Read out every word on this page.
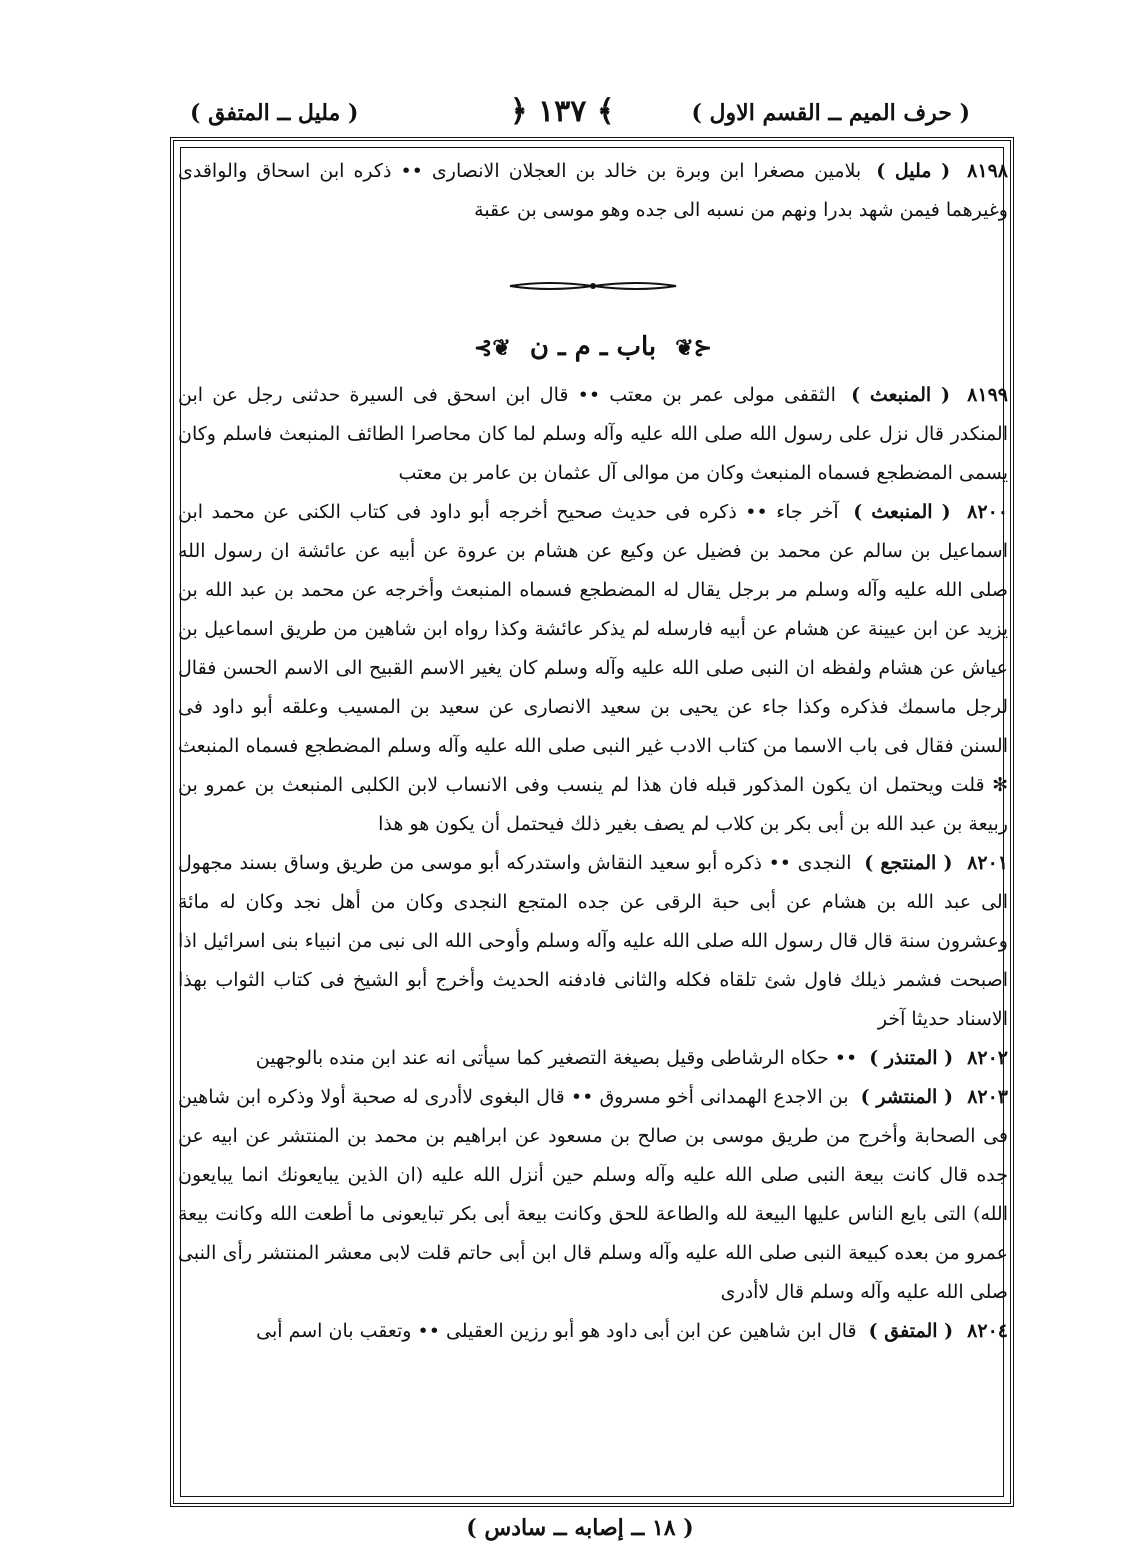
( حرف الميم ــ القسم الاول )
﴾ ١٣٧ ﴿
( مليل ــ المتفق )

٨١٩٨ ( مليل ) بلامين مصغرا ابن وبرة بن خالد بن العجلان الانصارى •• ذكره ابن اسحاق والواقدى وغيرهما فيمن شهد بدرا ونهم من نسبه الى جده وهو موسى بن عقبة

⊰❦ باب ـ م ـ ن ❦⊱

٨١٩٩ ( المنبعث ) الثقفى مولى عمر بن معتب •• قال ابن اسحق فى السيرة حدثنى رجل عن ابن المنكدر قال نزل على رسول الله صلى الله عليه وآله وسلم لما كان محاصرا الطائف المنبعث فاسلم وكان يسمى المضطجع فسماه المنبعث وكان من موالى آل عثمان بن عامر بن معتب

٨٢٠٠ ( المنبعث ) آخر جاء •• ذكره فى حديث صحيح أخرجه أبو داود فى كتاب الكنى عن محمد ابن اسماعيل بن سالم عن محمد بن فضيل عن وكيع عن هشام بن عروة عن أبيه عن عائشة ان رسول الله صلى الله عليه وآله وسلم مر برجل يقال له المضطجع فسماه المنبعث وأخرجه عن محمد بن عبد الله بن يزيد عن ابن عيينة عن هشام عن أبيه فارسله لم يذكر عائشة وكذا رواه ابن شاهين من طريق اسماعيل بن عياش عن هشام ولفظه ان النبى صلى الله عليه وآله وسلم كان يغير الاسم القبيح الى الاسم الحسن فقال لرجل ماسمك فذكره وكذا جاء عن يحيى بن سعيد الانصارى عن سعيد بن المسيب وعلقه أبو داود فى السنن فقال فى باب الاسما من كتاب الادب غير النبى صلى الله عليه وآله وسلم المضطجع فسماه المنبعث ✻ قلت ويحتمل ان يكون المذكور قبله فان هذا لم ينسب وفى الانساب لابن الكلبى المنبعث بن عمرو بن ربيعة بن عبد الله بن أبى بكر بن كلاب لم يصف بغير ذلك فيحتمل أن يكون هو هذا

٨٢٠١ ( المنتجع ) النجدى •• ذكره أبو سعيد النقاش واستدركه أبو موسى من طريق وساق بسند مجهول الى عبد الله بن هشام عن أبى حبة الرقى عن جده المتجع النجدى وكان من أهل نجد وكان له مائة وعشرون سنة قال قال رسول الله صلى الله عليه وآله وسلم وأوحى الله الى نبى من انبياء بنى اسرائيل اذا اصبحت فشمر ذيلك فاول شئ تلقاه فكله والثانى فادفنه الحديث وأخرج أبو الشيخ فى كتاب الثواب بهذا الاسناد حديثا آخر

٨٢٠٢ ( المتنذر ) •• حكاه الرشاطى وقيل بصيغة التصغير كما سيأتى انه عند ابن منده بالوجهين

٨٢٠٣ ( المنتشر ) بن الاجدع الهمدانى أخو مسروق •• قال البغوى لاأدرى له صحبة أولا وذكره ابن شاهين فى الصحابة وأخرج من طريق موسى بن صالح بن مسعود عن ابراهيم بن محمد بن المنتشر عن ابيه عن جده قال كانت بيعة النبى صلى الله عليه وآله وسلم حين أنزل الله عليه (ان الذين يبايعونك انما يبايعون الله) التى بايع الناس عليها البيعة لله والطاعة للحق وكانت بيعة أبى بكر تبايعونى ما أطعت الله وكانت بيعة عمرو من بعده كبيعة النبى صلى الله عليه وآله وسلم قال ابن أبى حاتم قلت لابى معشر المنتشر رأى النبى صلى الله عليه وآله وسلم قال لاأدرى

٨٢٠٤ ( المتفق ) قال ابن شاهين عن ابن أبى داود هو أبو رزين العقيلى •• وتعقب بان اسم أبى

( ١٨ ــ إصابه ــ سادس )
